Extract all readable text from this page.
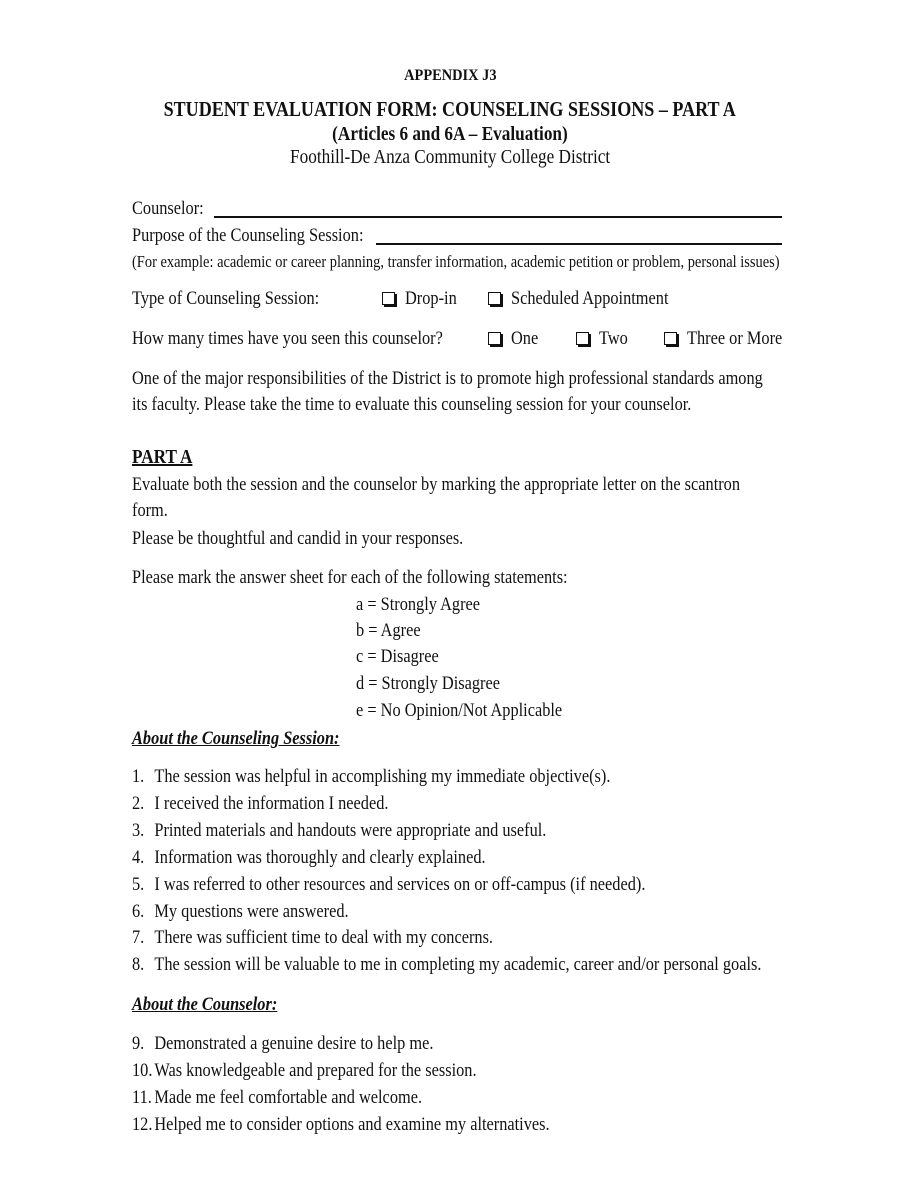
APPENDIX J3
STUDENT EVALUATION FORM: COUNSELING SESSIONS – PART A
(Articles 6 and 6A – Evaluation)
Foothill-De Anza Community College District
Counselor:
Purpose of the Counseling Session:
(For example: academic or career planning, transfer information, academic petition or problem, personal issues)
Type of Counseling Session:	Drop-in	Scheduled Appointment
How many times have you seen this counselor?	One	Two	Three or More
One of the major responsibilities of the District is to promote high professional standards among
its faculty. Please take the time to evaluate this counseling session for your counselor.
PART A
Evaluate both the session and the counselor by marking the appropriate letter on the scantron
form.
Please be thoughtful and candid in your responses.
Please mark the answer sheet for each of the following statements:
a = Strongly Agree
b = Agree
c = Disagree
d = Strongly Disagree
e = No Opinion/Not Applicable
About the Counseling Session:
1. The session was helpful in accomplishing my immediate objective(s).
2. I received the information I needed.
3. Printed materials and handouts were appropriate and useful.
4. Information was thoroughly and clearly explained.
5. I was referred to other resources and services on or off-campus (if needed).
6. My questions were answered.
7. There was sufficient time to deal with my concerns.
8. The session will be valuable to me in completing my academic, career and/or personal goals.
About the Counselor:
9. Demonstrated a genuine desire to help me.
10. Was knowledgeable and prepared for the session.
11. Made me feel comfortable and welcome.
12. Helped me to consider options and examine my alternatives.
